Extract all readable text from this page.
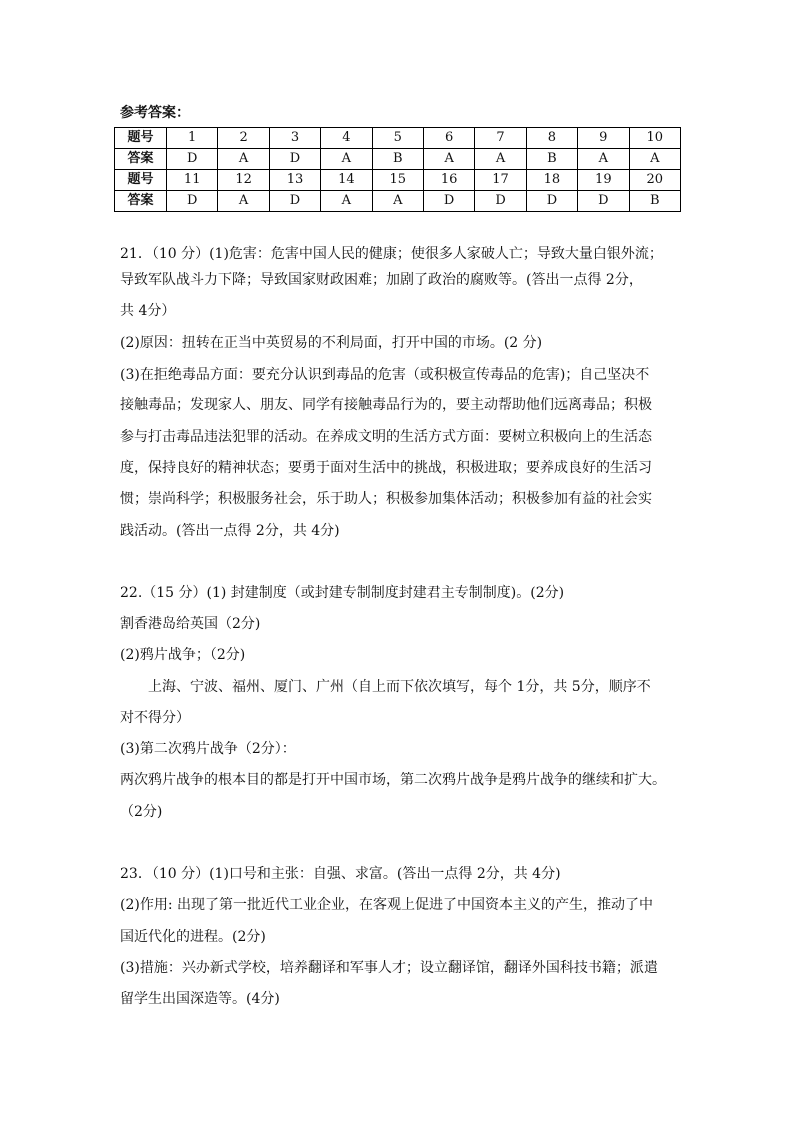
参考答案：
题号	1	2	3	4	5	6	7	8	9	10
答案	D	A	D	A	B	A	A	B	A	A
题号	11	12	13	14	15	16	17	18	19	20
答案	D	A	D	A	A	D	D	D	D	B
21．（10 分）(1)危害：危害中国人民的健康；使很多人家破人亡；导致大量白银外流；
导致军队战斗力下降；导致国家财政困难；加剧了政治的腐败等。(答出一点得 2分，
共 4分）
(2)原因：扭转在正当中英贸易的不利局面，打开中国的市场。(2 分)
(3)在拒绝毒品方面：要充分认识到毒品的危害（或积极宣传毒品的危害)；自己坚决不
接触毒品；发现家人、朋友、同学有接触毒品行为的，要主动帮助他们远离毒品；积极
参与打击毒品违法犯罪的活动。在养成文明的生活方式方面：要树立积极向上的生活态
度，保持良好的精神状态；要勇于面对生活中的挑战，积极进取；要养成良好的生活习
惯；崇尚科学；积极服务社会，乐于助人；积极参加集体活动；积极参加有益的社会实
践活动。(答出一点得 2分，共 4分)
22.（15 分）(1) 封建制度（或封建专制制度封建君主专制制度)。(2分)
割香港岛给英国（2分)
(2)鸦片战争；（2分)
上海、宁波、福州、厦门、广州（自上而下依次填写，每个 1分，共 5分，顺序不
对不得分）
(3)第二次鸦片战争（2分）：
两次鸦片战争的根本目的都是打开中国市场，第二次鸦片战争是鸦片战争的继续和扩大。
（2分)
23．（10 分）(1)口号和主张：自强、求富。(答出一点得 2分，共 4分)
(2)作用: 出现了第一批近代工业企业，在客观上促进了中国资本主义的产生，推动了中
国近代化的进程。(2分)
(3)措施：兴办新式学校，培养翻译和军事人才；设立翻译馆，翻译外国科技书籍；派遣
留学生出国深造等。(4分)
